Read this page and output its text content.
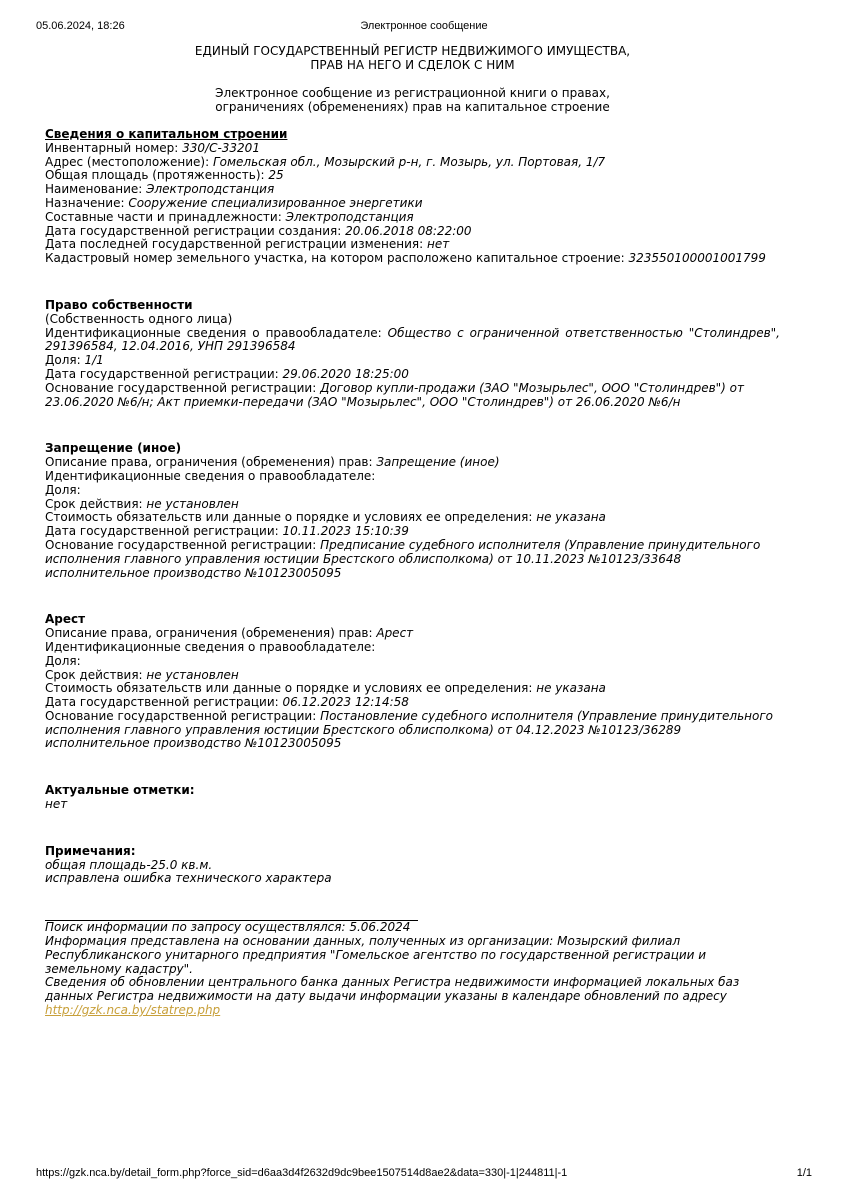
05.06.2024, 18:26	Электронное сообщение

ЕДИНЫЙ ГОСУДАРСТВЕННЫЙ РЕГИСТР НЕДВИЖИМОГО ИМУЩЕСТВА,
ПРАВ НА НЕГО И СДЕЛОК С НИМ

Электронное сообщение из регистрационной книги о правах,
ограничениях (обременениях) прав на капитальное строение

Сведения о капитальном строении
Инвентарный номер: 330/C-33201
Адрес (местоположение): Гомельская обл., Мозырский р-н, г. Мозырь, ул. Портовая, 1/7
Общая площадь (протяженность): 25
Наименование: Электроподстанция
Назначение: Сооружение специализированное энергетики
Составные части и принадлежности: Электроподстанция
Дата государственной регистрации создания: 20.06.2018 08:22:00
Дата последней государственной регистрации изменения: нет
Кадастровый номер земельного участка, на котором расположено капитальное строение: 323550100001001799
Право собственности
(Собственность одного лица)
Идентификационные сведения о правообладателе: Общество с ограниченной ответственностью "Столиндрев", 291396584, 12.04.2016, УНП 291396584
Доля: 1/1
Дата государственной регистрации: 29.06.2020 18:25:00
Основание государственной регистрации: Договор купли-продажи (ЗАО "Мозырьлес", ООО "Столиндрев") от 23.06.2020 №6/н; Акт приемки-передачи (ЗАО "Мозырьлес", ООО "Столиндрев") от 26.06.2020 №6/н
Запрещение (иное)
Описание права, ограничения (обременения) прав: Запрещение (иное)
Идентификационные сведения о правообладателе:
Доля:
Срок действия: не установлен
Стоимость обязательств или данные о порядке и условиях ее определения: не указана
Дата государственной регистрации: 10.11.2023 15:10:39
Основание государственной регистрации: Предписание судебного исполнителя (Управление принудительного исполнения главного управления юстиции Брестского облисполкома) от 10.11.2023 №10123/33648 исполнительное производство №10123005095
Арест
Описание права, ограничения (обременения) прав: Арест
Идентификационные сведения о правообладателе:
Доля:
Срок действия: не установлен
Стоимость обязательств или данные о порядке и условиях ее определения: не указана
Дата государственной регистрации: 06.12.2023 12:14:58
Основание государственной регистрации: Постановление судебного исполнителя (Управление принудительного исполнения главного управления юстиции Брестского облисполкома) от 04.12.2023 №10123/36289 исполнительное производство №10123005095
Актуальные отметки:
нет
Примечания:
общая площадь-25.0 кв.м.
исправлена ошибка технического характера
Поиск информации по запросу осуществлялся: 5.06.2024
Информация представлена на основании данных, полученных из организации: Мозырский филиал Республиканского унитарного предприятия "Гомельское агентство по государственной регистрации и земельному кадастру".
Сведения об обновлении центрального банка данных Регистра недвижимости информацией локальных баз данных Регистра недвижимости на дату выдачи информации указаны в календаре обновлений по адресу
http://gzk.nca.by/statrep.php
https://gzk.nca.by/detail_form.php?force_sid=d6aa3d4f2632d9dc9bee1507514d8ae2&data=330|-1|244811|-1	1/1
